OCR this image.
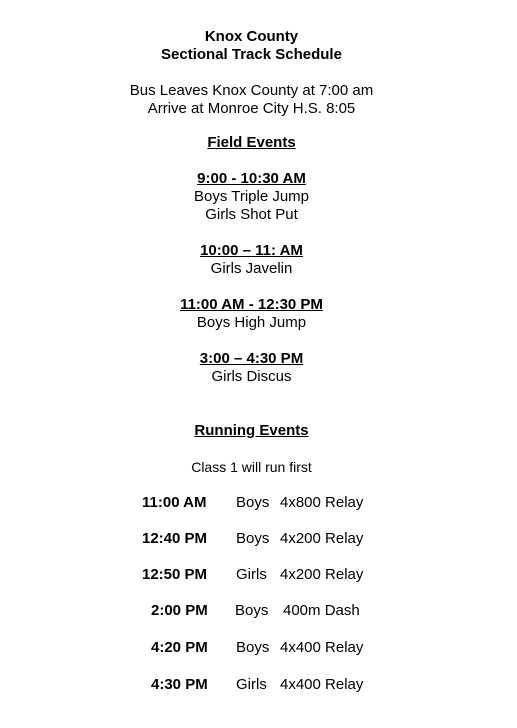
Knox County
Sectional Track Schedule
Bus Leaves Knox County at 7:00 am
Arrive at Monroe City H.S. 8:05
Field Events
9:00 - 10:30 AM
Boys Triple Jump
Girls Shot Put
10:00 – 11: AM
Girls Javelin
11:00 AM - 12:30 PM
Boys High Jump
3:00 – 4:30 PM
Girls Discus
Running Events
Class 1 will run first
11:00 AM Boys 4x800 Relay
12:40 PM Boys 4x200 Relay
12:50 PM Girls 4x200 Relay
2:00 PM Boys 400m Dash
4:20 PM Boys 4x400 Relay
4:30 PM Girls 4x400 Relay
